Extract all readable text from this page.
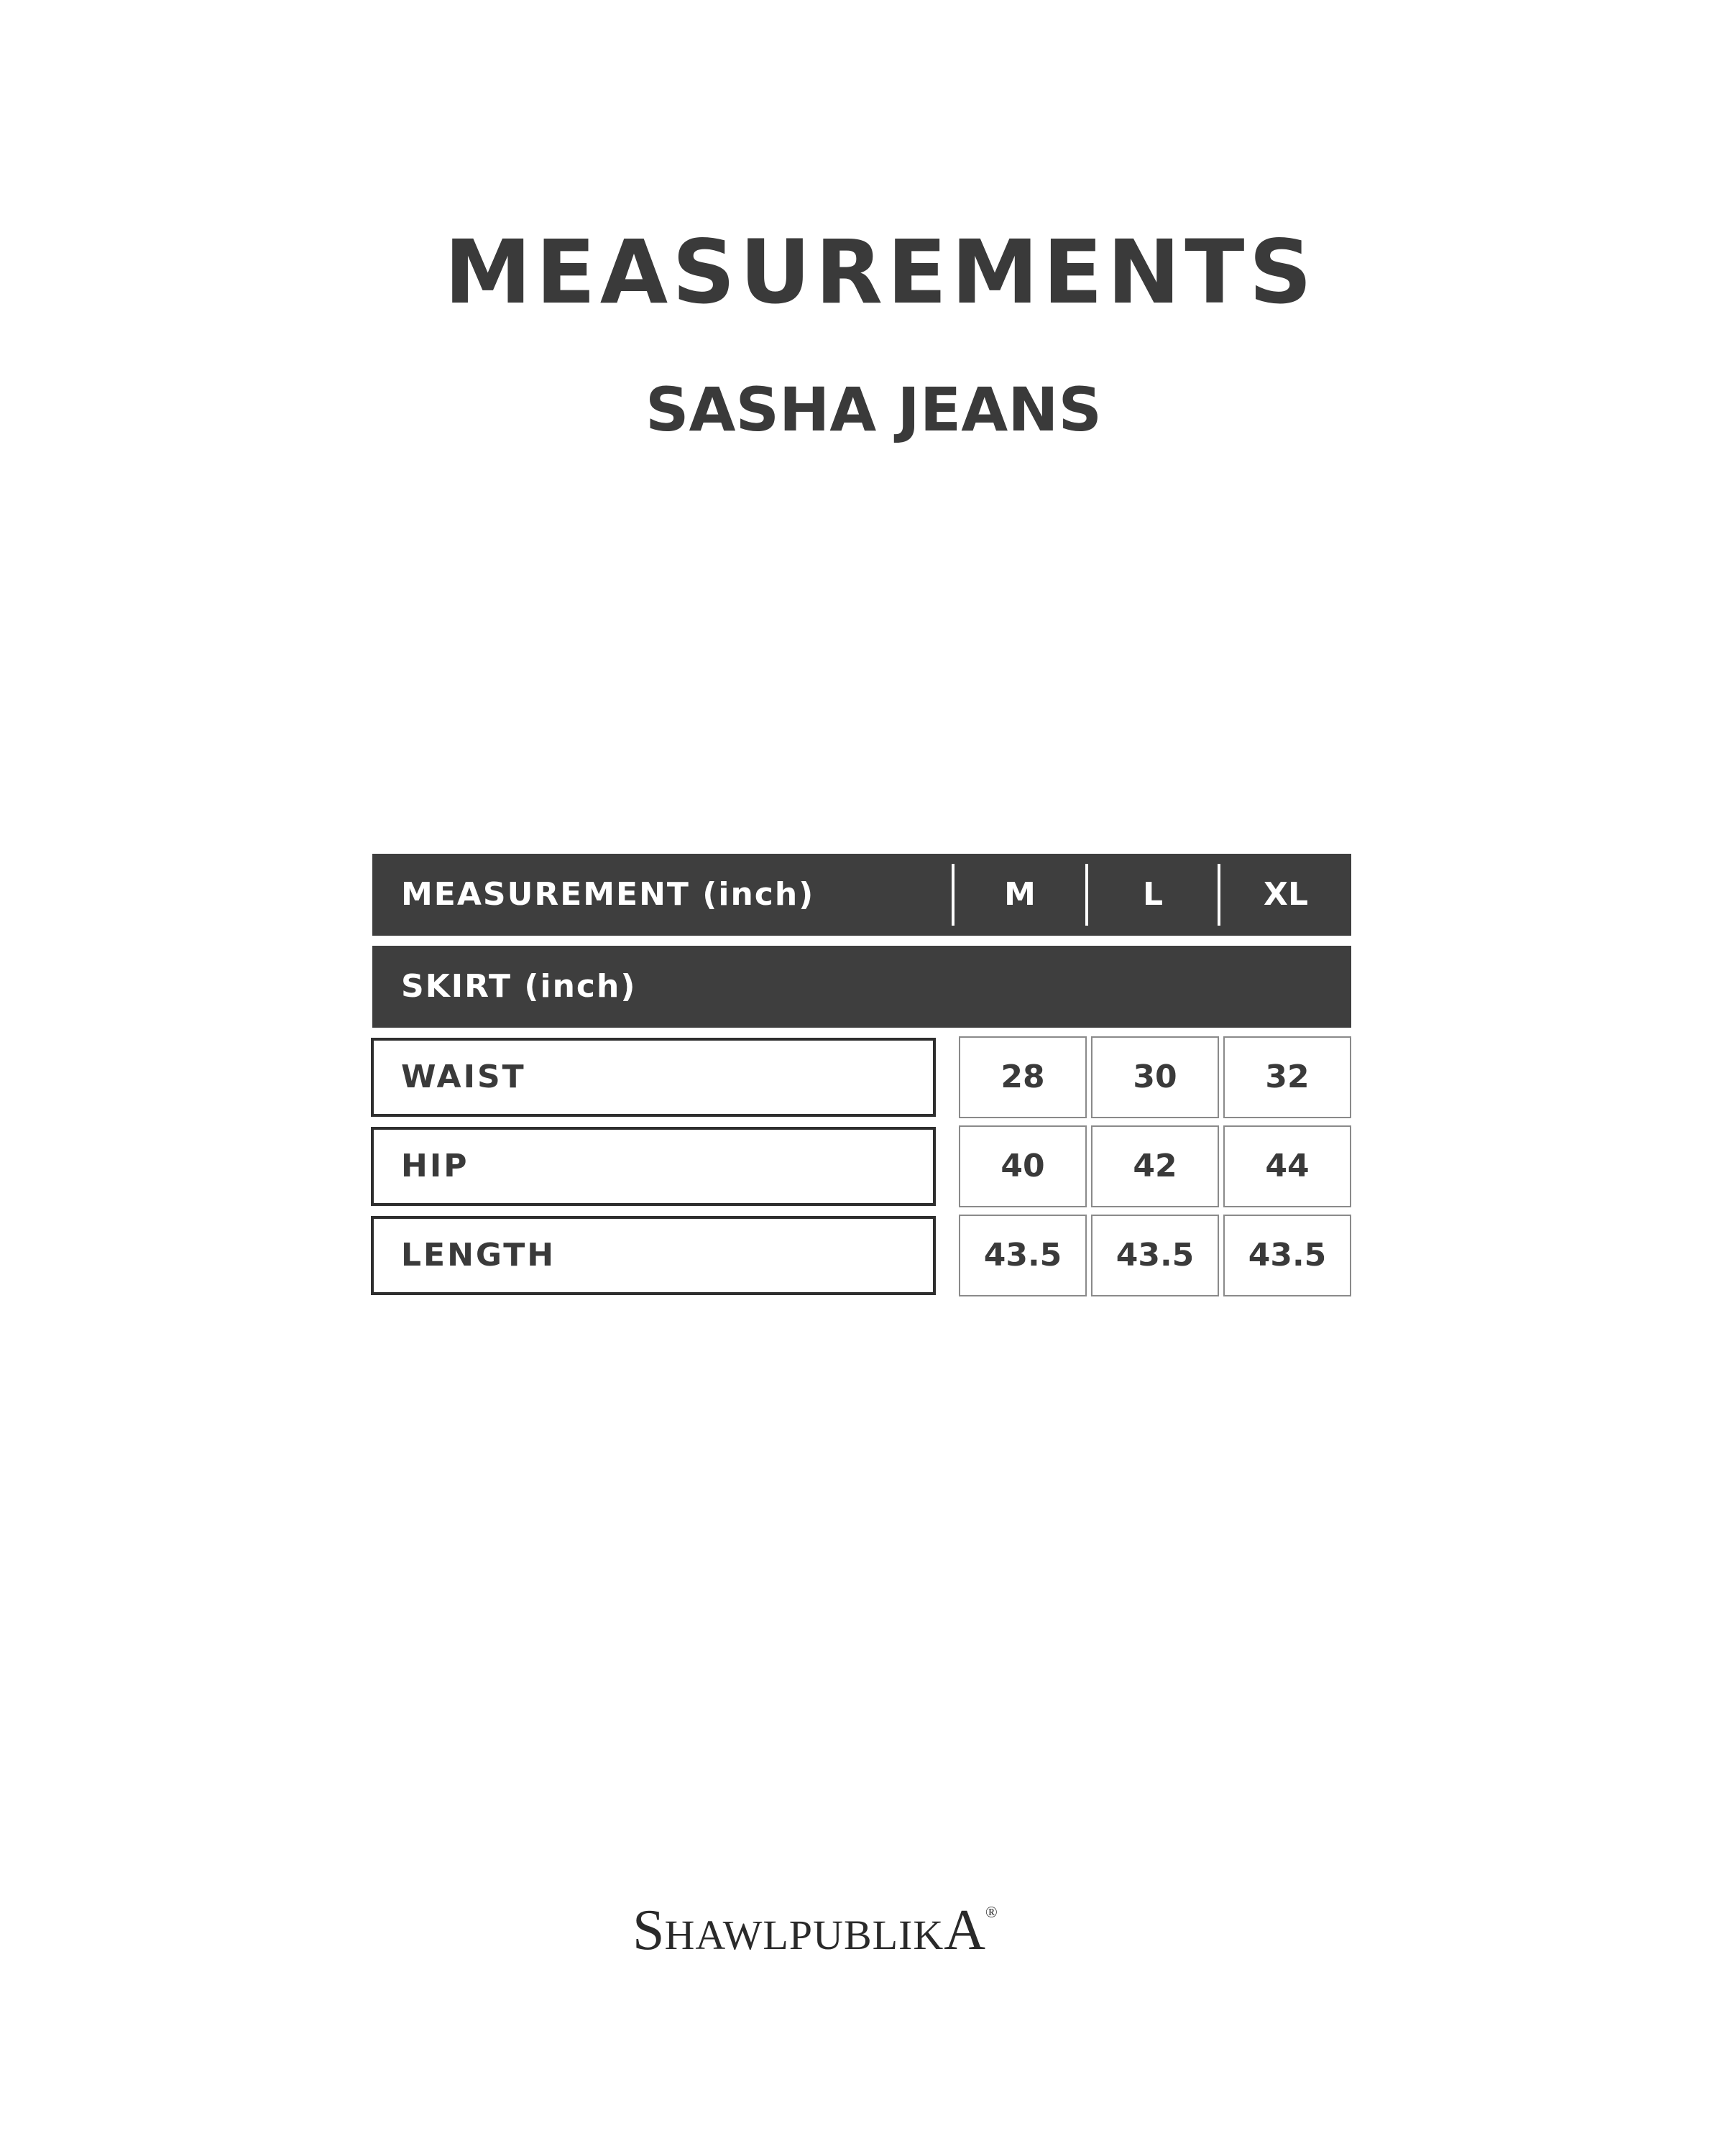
MEASUREMENTS
SASHA JEANS
MEASUREMENT (inch)	M	L	XL
SKIRT (inch)
WAIST	28	30	32
HIP	40	42	44
LENGTH	43.5	43.5	43.5
SHAWLPUBLIKA®
